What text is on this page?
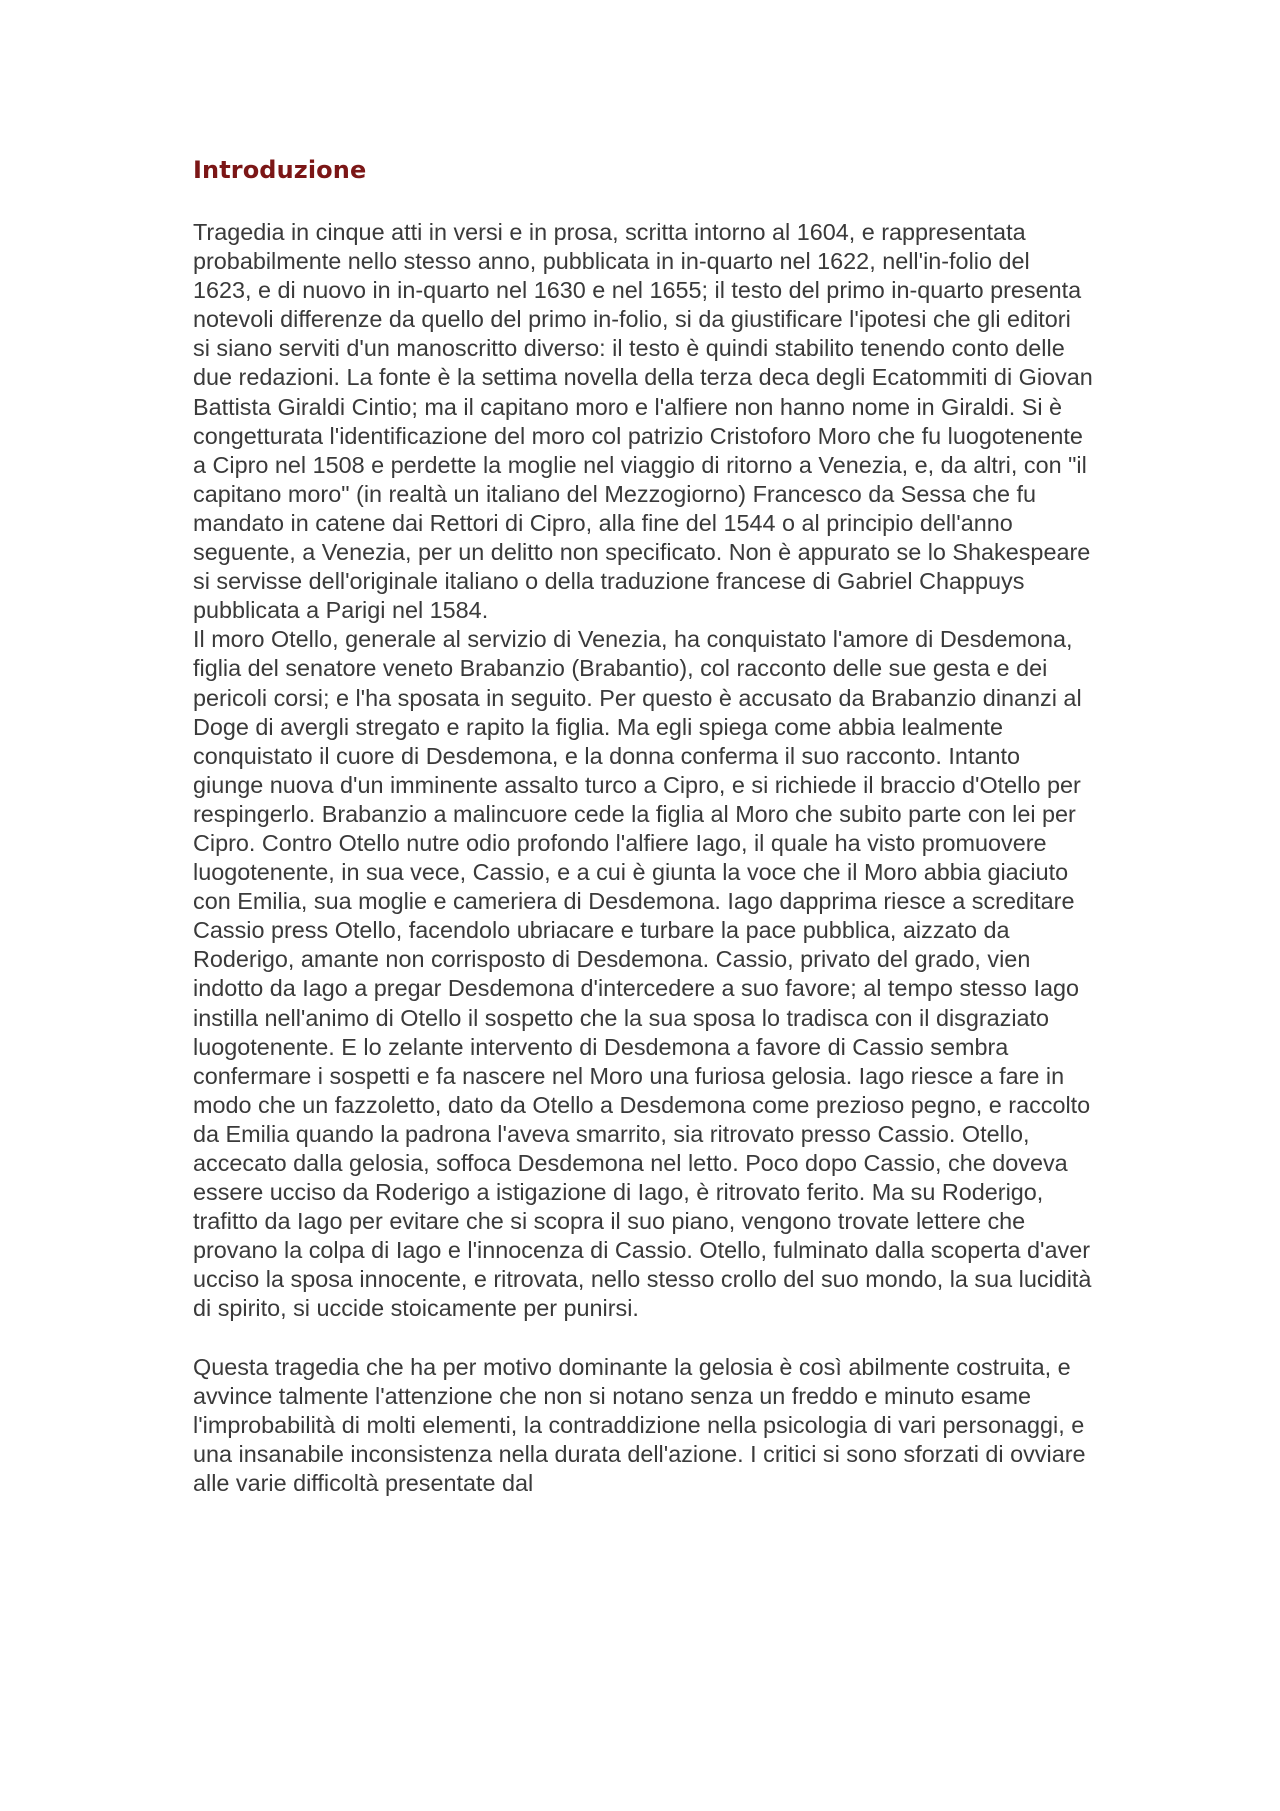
Introduzione

Tragedia in cinque atti in versi e in prosa, scritta intorno al 1604, e rappresentata probabilmente nello stesso anno, pubblicata in in-quarto nel 1622, nell'in-folio del 1623, e di nuovo in in-quarto nel 1630 e nel 1655; il testo del primo in-quarto presenta notevoli differenze da quello del primo in-folio, si da giustificare l'ipotesi che gli editori si siano serviti d'un manoscritto diverso: il testo è quindi stabilito tenendo conto delle due redazioni. La fonte è la settima novella della terza deca degli Ecatommiti di Giovan Battista Giraldi Cintio; ma il capitano moro e l'alfiere non hanno nome in Giraldi. Si è congetturata l'identificazione del moro col patrizio Cristoforo Moro che fu luogotenente a Cipro nel 1508 e perdette la moglie nel viaggio di ritorno a Venezia, e, da altri, con "il capitano moro" (in realtà un italiano del Mezzogiorno) Francesco da Sessa che fu mandato in catene dai Rettori di Cipro, alla fine del 1544 o al principio dell'anno seguente, a Venezia, per un delitto non specificato. Non è appurato se lo Shakespeare si servisse dell'originale italiano o della traduzione francese di Gabriel Chappuys pubblicata a Parigi nel 1584.

Il moro Otello, generale al servizio di Venezia, ha conquistato l'amore di Desdemona, figlia del senatore veneto Brabanzio (Brabantio), col racconto delle sue gesta e dei pericoli corsi; e l'ha sposata in seguito. Per questo è accusato da Brabanzio dinanzi al Doge di avergli stregato e rapito la figlia. Ma egli spiega come abbia lealmente conquistato il cuore di Desdemona, e la donna conferma il suo racconto. Intanto giunge nuova d'un imminente assalto turco a Cipro, e si richiede il braccio d'Otello per respingerlo. Brabanzio a malincuore cede la figlia al Moro che subito parte con lei per Cipro. Contro Otello nutre odio profondo l'alfiere Iago, il quale ha visto promuovere luogotenente, in sua vece, Cassio, e a cui è giunta la voce che il Moro abbia giaciuto con Emilia, sua moglie e cameriera di Desdemona. Iago dapprima riesce a screditare Cassio press Otello, facendolo ubriacare e turbare la pace pubblica, aizzato da Roderigo, amante non corrisposto di Desdemona. Cassio, privato del grado, vien indotto da Iago a pregar Desdemona d'intercedere a suo favore; al tempo stesso Iago instilla nell'animo di Otello il sospetto che la sua sposa lo tradisca con il disgraziato luogotenente. E lo zelante intervento di Desdemona a favore di Cassio sembra confermare i sospetti e fa nascere nel Moro una furiosa gelosia. Iago riesce a fare in modo che un fazzoletto, dato da Otello a Desdemona come prezioso pegno, e raccolto da Emilia quando la padrona l'aveva smarrito, sia ritrovato presso Cassio. Otello, accecato dalla gelosia, soffoca Desdemona nel letto. Poco dopo Cassio, che doveva essere ucciso da Roderigo a istigazione di Iago, è ritrovato ferito. Ma su Roderigo, trafitto da Iago per evitare che si scopra il suo piano, vengono trovate lettere che provano la colpa di Iago e l'innocenza di Cassio. Otello, fulminato dalla scoperta d'aver ucciso la sposa innocente, e ritrovata, nello stesso crollo del suo mondo, la sua lucidità di spirito, si uccide stoicamente per punirsi.

Questa tragedia che ha per motivo dominante la gelosia è così abilmente costruita, e avvince talmente l'attenzione che non si notano senza un freddo e minuto esame l'improbabilità di molti elementi, la contraddizione nella psicologia di vari personaggi, e una insanabile inconsistenza nella durata dell'azione. I critici si sono sforzati di ovviare alle varie difficoltà presentate dal
